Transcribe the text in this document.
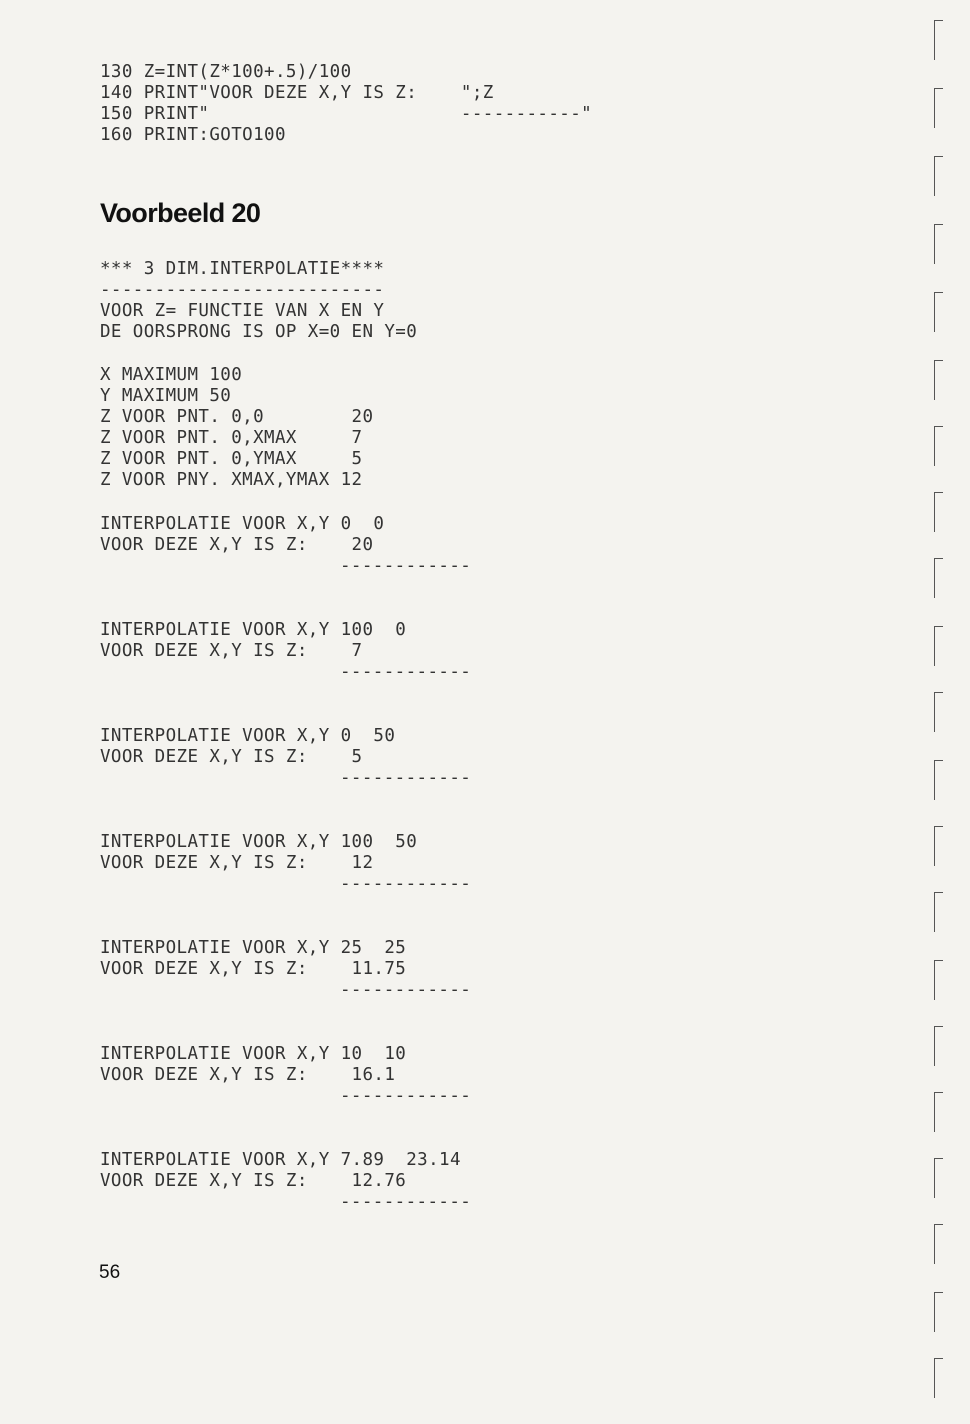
130 Z=INT(Z*100+.5)/100
140 PRINT"VOOR DEZE X,Y IS Z:    ";Z
150 PRINT"                       -----------"
160 PRINT:GOTO100
Voorbeeld 20
*** 3 DIM.INTERPOLATIE****
--------------------------
VOOR Z= FUNCTIE VAN X EN Y
DE OORSPRONG IS OP X=0 EN Y=0
X MAXIMUM 100
Y MAXIMUM 50
Z VOOR PNT. 0,0        20
Z VOOR PNT. 0,XMAX     7
Z VOOR PNT. 0,YMAX     5
Z VOOR PNY. XMAX,YMAX 12
INTERPOLATIE VOOR X,Y 0  0
VOOR DEZE X,Y IS Z:    20
------------
INTERPOLATIE VOOR X,Y 100  0
VOOR DEZE X,Y IS Z:    7
------------
INTERPOLATIE VOOR X,Y 0  50
VOOR DEZE X,Y IS Z:    5
------------
INTERPOLATIE VOOR X,Y 100  50
VOOR DEZE X,Y IS Z:    12
------------
INTERPOLATIE VOOR X,Y 25  25
VOOR DEZE X,Y IS Z:    11.75
------------
INTERPOLATIE VOOR X,Y 10  10
VOOR DEZE X,Y IS Z:    16.1
------------
INTERPOLATIE VOOR X,Y 7.89  23.14
VOOR DEZE X,Y IS Z:    12.76
------------
56
